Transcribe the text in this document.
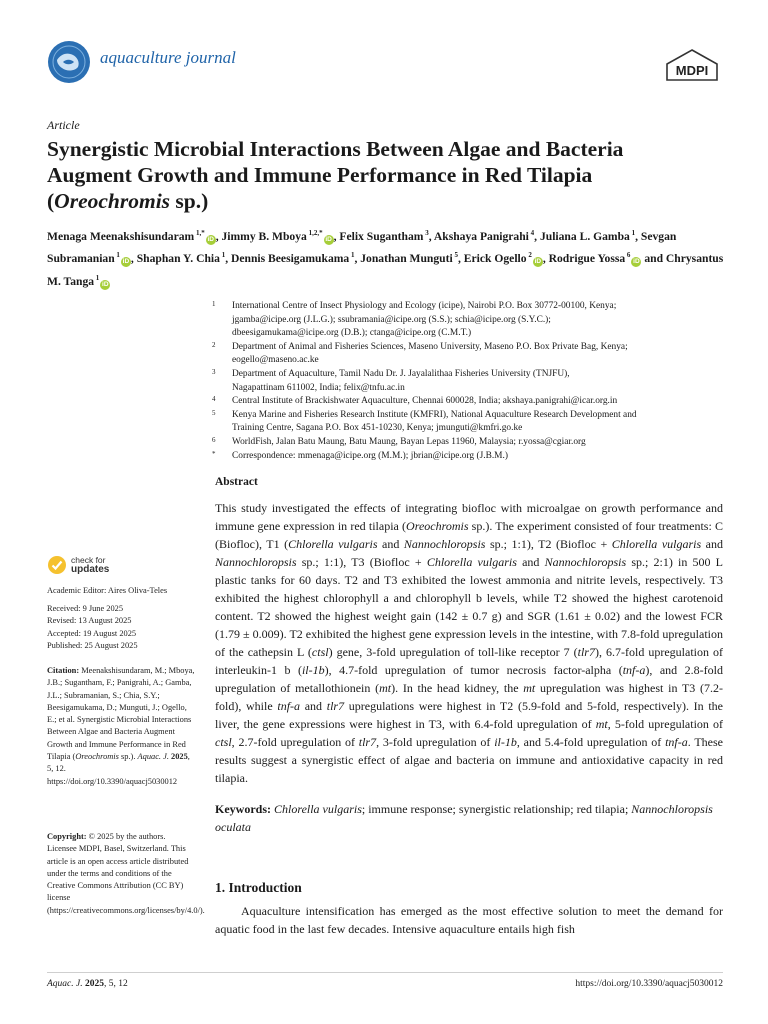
aquaculture journal
MDPI
Article
Synergistic Microbial Interactions Between Algae and Bacteria
Augment Growth and Immune Performance in Red Tilapia
(Oreochromis sp.)
Menaga Meenakshisundaram $^{1,*}$iD , Jimmy B. Mboya $^{1,2,*}$iD , Felix Sugantham $^3$, Akshaya Panigrahi $^4$, Juliana L. Gamba $^1$, Sevgan Subramanian $^1$iD , Shaphan Y. Chia $^1$, Dennis Beesigamukama $^1$, Jonathan Munguti $^5$, Erick Ogello $^2$iD , Rodrigue Yossa $^6$iD and Chrysantus M. Tanga $^1$iD
1 International Centre of Insect Physiology and Ecology (icipe), Nairobi P.O. Box 30772-00100, Kenya;
jgamba@icipe.org (J.L.G.); ssubramania@icipe.org (S.S.); schia@icipe.org (S.Y.C.);
dbeesigamukama@icipe.org (D.B.); ctanga@icipe.org (C.M.T.)
2 Department of Animal and Fisheries Sciences, Maseno University, Maseno P.O. Box Private Bag, Kenya;
eogello@maseno.ac.ke
3 Department of Aquaculture, Tamil Nadu Dr. J. Jayalalithaa Fisheries University (TNJFU),
Nagapattinam 611002, India; felix@tnfu.ac.in
4 Central Institute of Brackishwater Aquaculture, Chennai 600028, India; akshaya.panigrahi@icar.org.in
5 Kenya Marine and Fisheries Research Institute (KMFRI), National Aquaculture Research Development and
Training Centre, Sagana P.O. Box 451-10230, Kenya; jmunguti@kmfri.go.ke
6 WorldFish, Jalan Batu Maung, Batu Maung, Bayan Lepas 11960, Malaysia; r.yossa@cgiar.org
* Correspondence: mmenaga@icipe.org (M.M.); jbrian@icipe.org (J.B.M.)
Abstract
This study investigated the effects of integrating biofloc with microalgae on growth performance and immune gene expression in red tilapia (Oreochromis sp.). The experiment consisted of four treatments: C (Biofloc), T1 (Chlorella vulgaris and Nannochloropsis sp.; 1:1), T2 (Biofloc + Chlorella vulgaris and Nannochloropsis sp.; 1:1), T3 (Biofloc + Chlorella vulgaris and Nannochloropsis sp.; 2:1) in 500 L plastic tanks for 60 days. T2 and T3 exhibited the lowest ammonia and nitrite levels, respectively. T3 exhibited the highest chlorophyll a and chlorophyll b levels, while T2 showed the highest carotenoid content. T2 showed the highest weight gain (142 ± 0.7 g) and SGR (1.61 ± 0.02) and the lowest FCR (1.79 ± 0.009). T2 exhibited the highest gene expression levels in the intestine, with 7.8-fold upregulation of the cathepsin L (ctsl) gene, 3-fold upregulation of toll-like receptor 7 (tlr7), 6.7-fold upregulation of interleukin-1 b (il-1b), 4.7-fold upregulation of tumor necrosis factor-alpha (tnf-a), and 2.8-fold upregulation of metallothionein (mt). In the head kidney, the mt upregulation was highest in T3 (7.2-fold), while tnf-a and tlr7 upregulations were highest in T2 (5.9-fold and 5-fold, respectively). In the liver, the gene expressions were highest in T3, with 6.4-fold upregulation of mt, 5-fold upregulation of ctsl, 2.7-fold upregulation of tlr7, 3-fold upregulation of il-1b, and 5.4-fold upregulation of tnf-a. These results suggest a synergistic effect of algae and bacteria on immune and antioxidative capacity in red tilapia.
Keywords: Chlorella vulgaris; immune response; synergistic relationship; red tilapia; Nannochloropsis oculata
1. Introduction
Aquaculture intensification has emerged as the most effective solution to meet the demand for aquatic food in the last few decades. Intensive aquaculture entails high fish
check for
updates
Academic Editor: Aires Oliva-Teles
Received: 9 June 2025
Revised: 13 August 2025
Accepted: 19 August 2025
Published: 25 August 2025
Citation: Meenakshisundaram, M.; Mboya, J.B.; Sugantham, F.; Panigrahi, A.; Gamba, J.L.; Subramanian, S.; Chia, S.Y.; Beesigamukama, D.; Munguti, J.; Ogello, E.; et al. Synergistic Microbial Interactions Between Algae and Bacteria Augment Growth and Immune Performance in Red Tilapia (Oreochromis sp.). Aquac. J. 2025, 5, 12. https://doi.org/10.3390/aquacj5030012
Copyright: © 2025 by the authors. Licensee MDPI, Basel, Switzerland. This article is an open access article distributed under the terms and conditions of the Creative Commons Attribution (CC BY) license (https://creativecommons.org/licenses/by/4.0/).
Aquac. J. 2025, 5, 12	https://doi.org/10.3390/aquacj5030012
